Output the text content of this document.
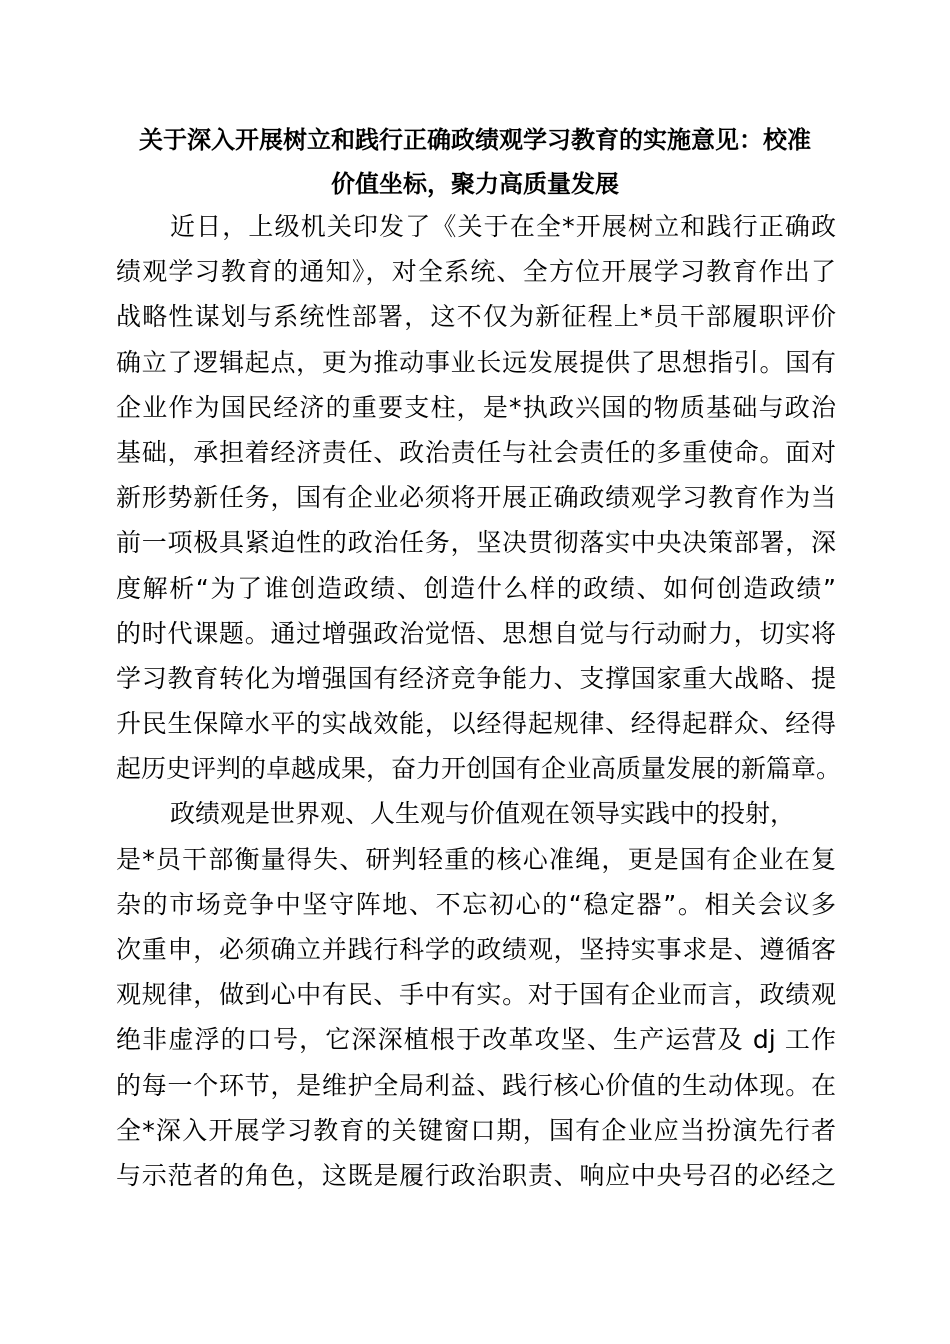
关于深入开展树立和践行正确政绩观学习教育的实施意见：校准
价值坐标，聚力高质量发展
近日，上级机关印发了《关于在全*开展树立和践行正确政
绩观学习教育的通知》，对全系统、全方位开展学习教育作出了
战略性谋划与系统性部署，这不仅为新征程上*员干部履职评价
确立了逻辑起点，更为推动事业长远发展提供了思想指引。国有
企业作为国民经济的重要支柱，是*执政兴国的物质基础与政治
基础，承担着经济责任、政治责任与社会责任的多重使命。面对
新形势新任务，国有企业必须将开展正确政绩观学习教育作为当
前一项极具紧迫性的政治任务，坚决贯彻落实中央决策部署，深
度解析“为了谁创造政绩、创造什么样的政绩、如何创造政绩”
的时代课题。通过增强政治觉悟、思想自觉与行动耐力，切实将
学习教育转化为增强国有经济竞争能力、支撑国家重大战略、提
升民生保障水平的实战效能，以经得起规律、经得起群众、经得
起历史评判的卓越成果，奋力开创国有企业高质量发展的新篇章。
政绩观是世界观、人生观与价值观在领导实践中的投射，
是*员干部衡量得失、研判轻重的核心准绳，更是国有企业在复
杂的市场竞争中坚守阵地、不忘初心的“稳定器”。相关会议多
次重申，必须确立并践行科学的政绩观，坚持实事求是、遵循客
观规律，做到心中有民、手中有实。对于国有企业而言，政绩观
绝非虚浮的口号，它深深植根于改革攻坚、生产运营及 dj 工作
的每一个环节，是维护全局利益、践行核心价值的生动体现。在
全*深入开展学习教育的关键窗口期，国有企业应当扮演先行者
与示范者的角色，这既是履行政治职责、响应中央号召的必经之
